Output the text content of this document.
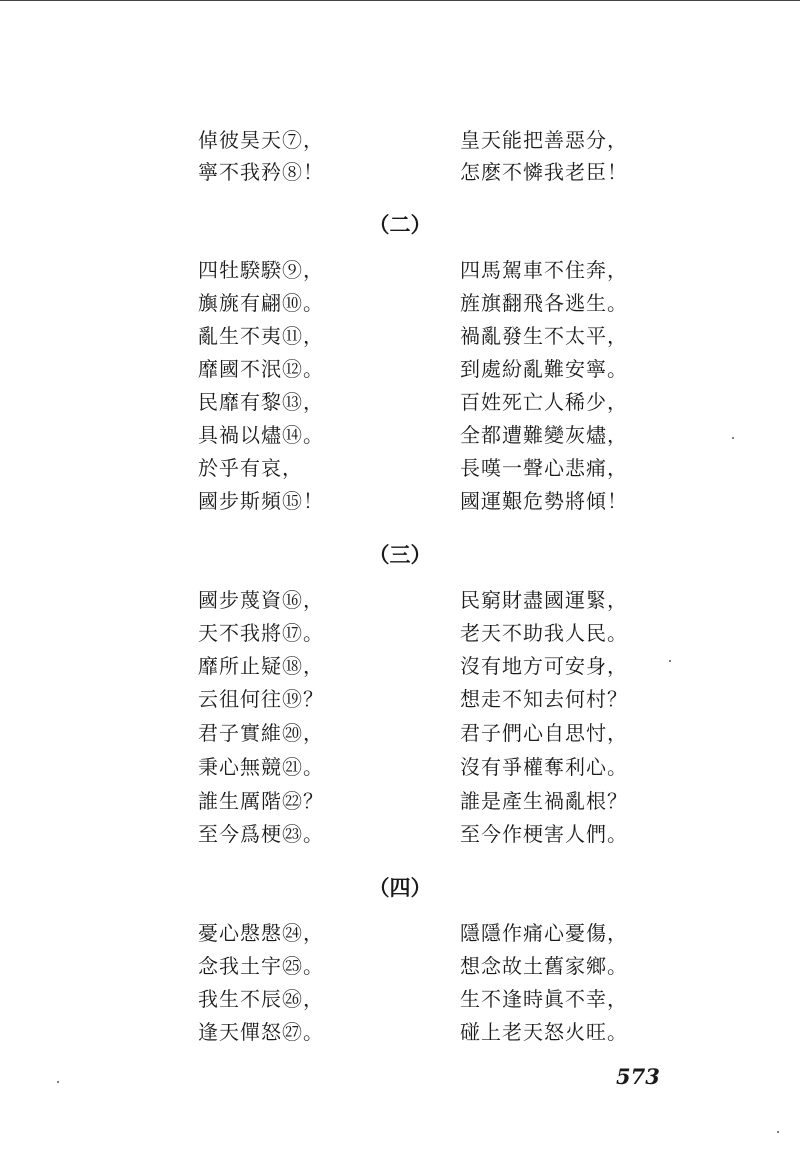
倬彼昊天⑦，	皇天能把善惡分，
寧不我矜⑧！	怎麽不憐我老臣！
（二）
四牡騤騤⑨，	四馬駕車不住奔，
旟旐有翩⑩。	旌旗翻飛各逃生。
亂生不夷⑪，	禍亂發生不太平，
靡國不泯⑫。	到處紛亂難安寧。
民靡有黎⑬，	百姓死亡人稀少，
具禍以燼⑭。	全都遭難變灰燼，
於乎有哀，	長嘆一聲心悲痛，
國步斯頻⑮！	國運艱危勢將傾！
（三）
國步蔑資⑯，	民窮財盡國運緊，
天不我將⑰。	老天不助我人民。
靡所止疑⑱，	沒有地方可安身，
云徂何往⑲？	想走不知去何村？
君子實維⑳，	君子們心自思忖，
秉心無競㉑。	沒有爭權奪利心。
誰生厲階㉒？	誰是產生禍亂根？
至今爲梗㉓。	至今作梗害人們。
（四）
憂心慇慇㉔，	隱隱作痛心憂傷，
念我土宇㉕。	想念故土舊家鄉。
我生不辰㉖，	生不逢時眞不幸，
逢天僤怒㉗。	碰上老天怒火旺。
573
